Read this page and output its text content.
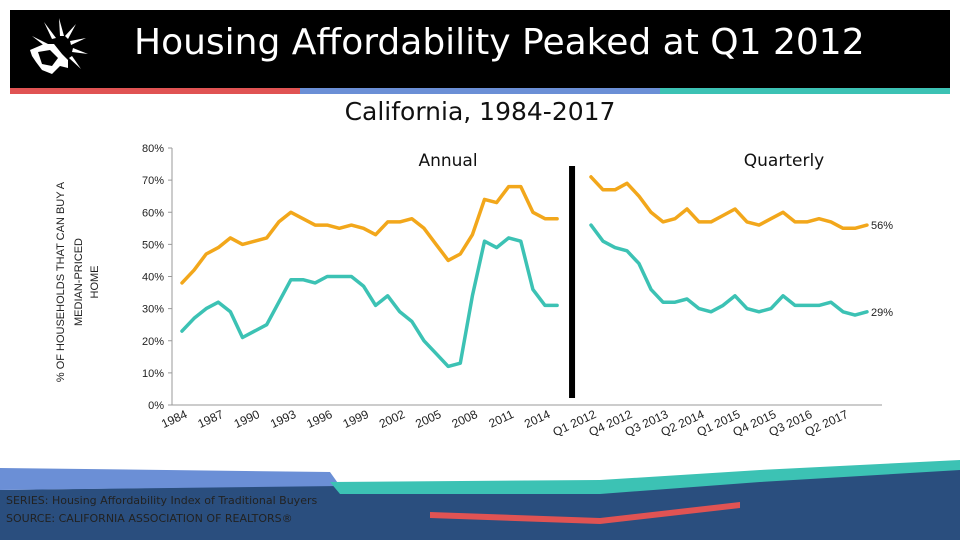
Housing Affordability Peaked at Q1 2012
California, 1984-2017
% OF HOUSEHOLDS THAT CAN BUY A MEDIAN-PRICED HOME
Annual	Quarterly
0%
10%
20%
30%
40%
50%
60%
70%
80%
1984 1987 1990 1993 1996 1999 2002 2005 2008 2011 2014
Q1 2012
Q4 2012
Q3 2013
Q2 2014
Q1 2015
Q4 2015
Q3 2016
Q2 2017
56%
29%
SERIES: Housing Affordability Index of Traditional Buyers
SOURCE: CALIFORNIA ASSOCIATION OF REALTORS®
